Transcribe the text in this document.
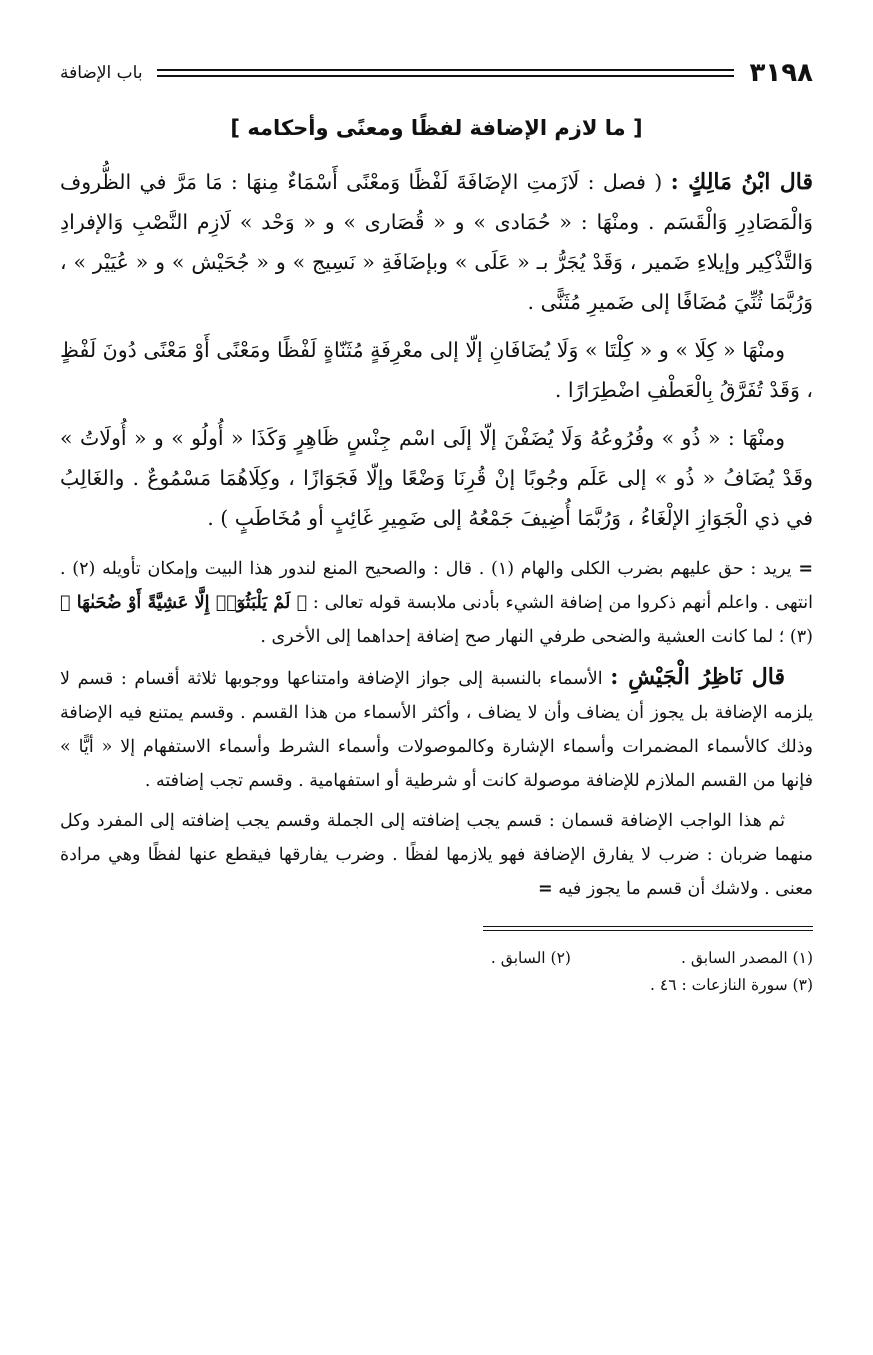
٣١٩٨
باب الإضافة
[ ما لازم الإضافة لفظًا ومعنًى وأحكامه ]

قال ابْنُ مَالِكٍ : ( فصل : لَازَمتِ الإضَافَةَ لَفْظًا وَمعْنًى أَسْمَاءٌ مِنهَا : مَا مَرَّ في الظُّروف وَالْمَصَادِرِ وَالْقَسَم . ومنْهَا : « حُمَادى » و « قُصَارى » و « وَحْد » لَازِم النَّصْبِ وَالإفرادِ وَالتَّذْكِير وإيلاءِ ضَمير ، وَقَدْ يُجَرُّ بـ « عَلَى » وبإضَافَةِ « نَسِيج » و « جُحَيْش » و « عُيَيْر » ، وَرُبَّمَا ثُنِّيَ مُضَافًا إلى ضَميرِ مُثَنًّى .

ومنْهَا « كِلَا » و « كِلْتَا » وَلَا يُضَافَانِ إلّا إلى معْرِفَةٍ مُثَنّاةٍ لَفْظًا ومَعْنًى أَوْ مَعْنًى دُونَ لَفْظٍ ، وَقَدْ تُفَرَّقُ بِالْعَطْفِ اضْطِرَارًا .

ومنْهَا : « ذُو » وفُرُوعُهُ وَلَا يُضَفْنَ إلّا إلَى اسْم جِنْسٍ ظَاهِرٍ وَكَذَا « أُولُو » و « أُولَاتُ » وقَدْ يُضَافُ « ذُو » إلى عَلَم وجُوبًا إنْ قُرِنَا وَضْعًا وإلّا فَجَوَازًا ، وكِلَاهُمَا مَسْمُوعٌ . والغَالِبُ في ذي الْجَوَازِ الإلْغَاءُ ، وَرُبَّمَا أُضِيفَ جَمْعُهُ إلى ضَمِيرِ غَائِبٍ أو مُخَاطَبٍ ) .

= يريد : حق عليهم بضرب الكلى والهام (١) . قال : والصحيح المنع لندور هذا البيت وإمكان تأويله (٢) . انتهى . واعلم أنهم ذكروا من إضافة الشيء بأدنى ملابسة قوله تعالى : ﴿ لَمْ يَلْبَثُوٓا۟ إِلَّا عَشِيَّةً أَوْ ضُحَىٰهَا ﴾ (٣) ؛ لما كانت العشية والضحى طرفي النهار صح إضافة إحداهما إلى الأخرى .

قال نَاظِرُ الْجَيْشِ : الأسماء بالنسبة إلى جواز الإضافة وامتناعها ووجوبها ثلاثة أقسام : قسم لا يلزمه الإضافة بل يجوز أن يضاف وأن لا يضاف ، وأكثر الأسماء من هذا القسم . وقسم يمتنع فيه الإضافة وذلك كالأسماء المضمرات وأسماء الإشارة وكالموصولات وأسماء الشرط وأسماء الاستفهام إلا « أيًّا » فإنها من القسم الملازم للإضافة موصولة كانت أو شرطية أو استفهامية . وقسم تجب إضافته .

ثم هذا الواجب الإضافة قسمان : قسم يجب إضافته إلى الجملة وقسم يجب إضافته إلى المفرد وكل منهما ضربان : ضرب لا يفارق الإضافة فهو يلازمها لفظًا . وضرب يفارقها فيقطع عنها لفظًا وهي مرادة معنى . ولاشك أن قسم ما يجوز فيه =

(١) المصدر السابق .
(٢) السابق .
(٣) سورة النازعات : ٤٦ .
